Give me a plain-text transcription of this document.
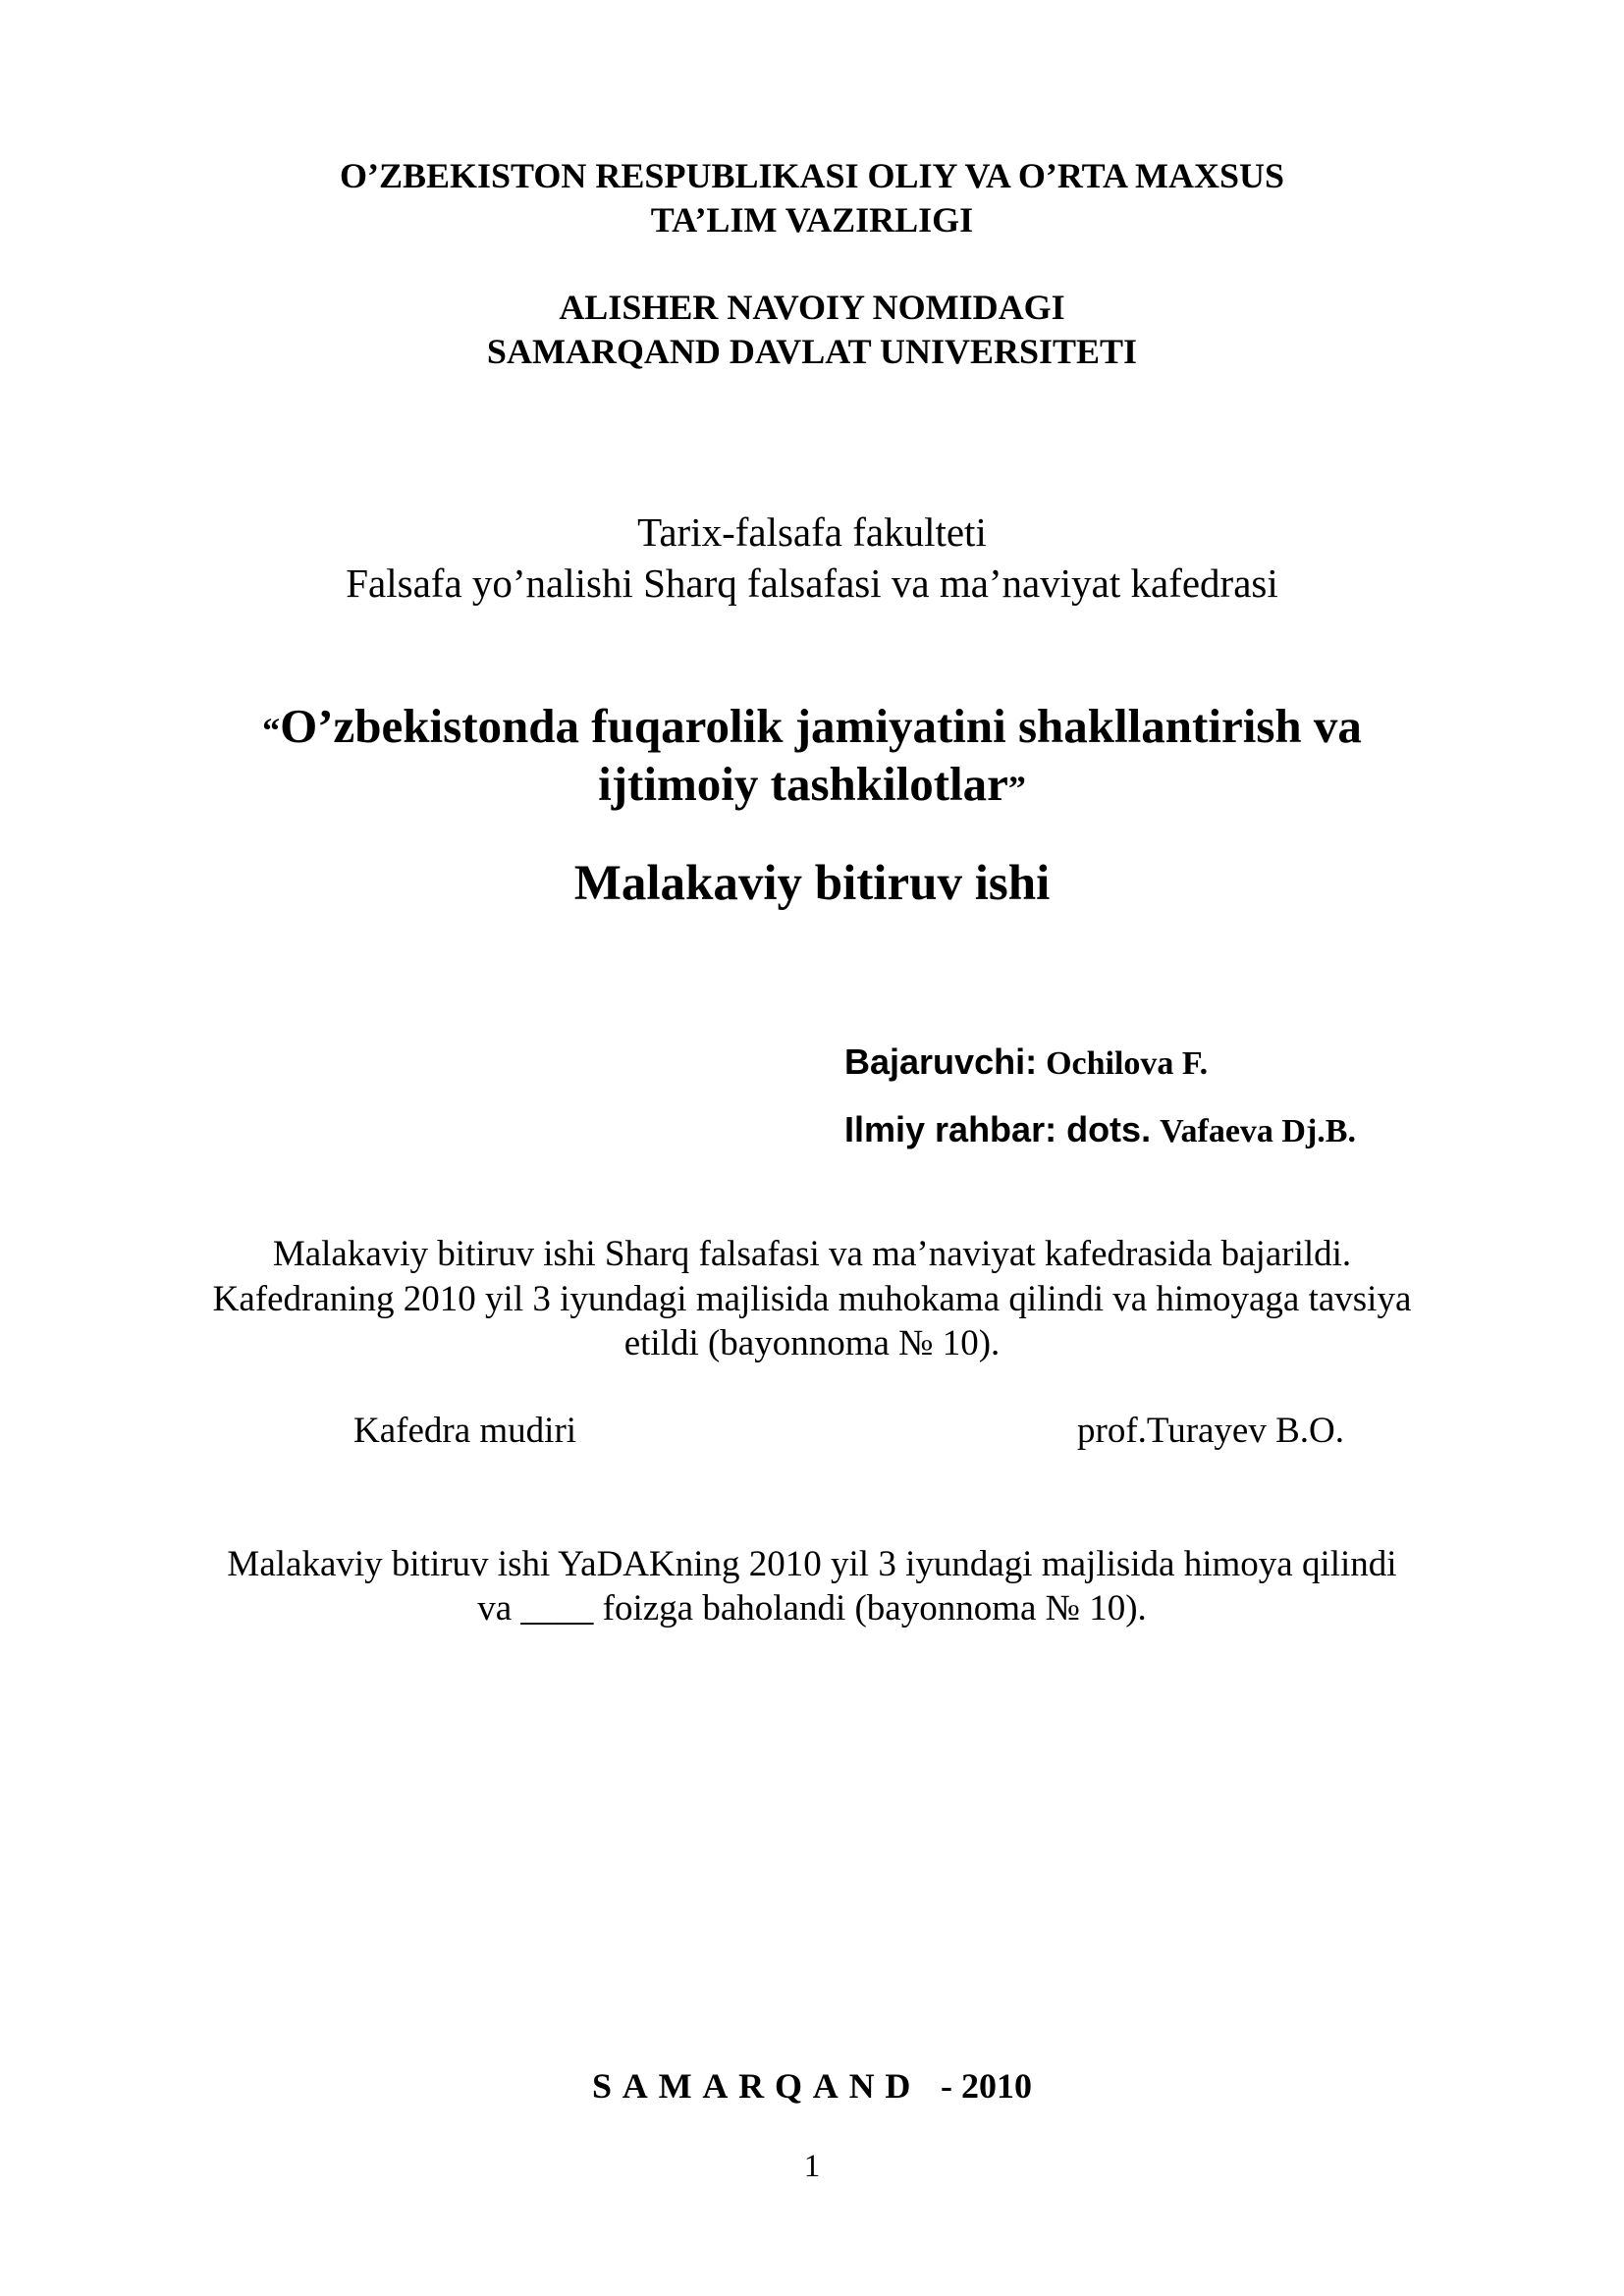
O’ZBEKISTON RESPUBLIKASI OLIY VA O’RTA MAXSUS
TA’LIM VAZIRLIGI
ALISHER NAVOIY NOMIDAGI
SAMARQAND DAVLAT UNIVERSITETI
Tarix-falsafa fakulteti
Falsafa yo’nalishi Sharq falsafasi va ma’naviyat kafedrasi
“O’zbekistonda fuqarolik jamiyatini shakllantirish va
ijtimoiy tashkilotlar”
Malakaviy bitiruv ishi
Bajaruvchi: Ochilova F.
Ilmiy rahbar: dots. Vafaeva Dj.B.
Malakaviy bitiruv ishi Sharq falsafasi va ma’naviyat kafedrasida bajarildi.
Kafedraning 2010 yil 3 iyundagi majlisida muhokama qilindi va himoyaga tavsiya
etildi (bayonnoma № 10).
Kafedra mudiri	prof.Turayev B.O.
Malakaviy bitiruv ishi YaDAKning 2010 yil 3 iyundagi majlisida himoya qilindi
va ____ foizga baholandi (bayonnoma № 10).
SAMARQAND - 2010
1
